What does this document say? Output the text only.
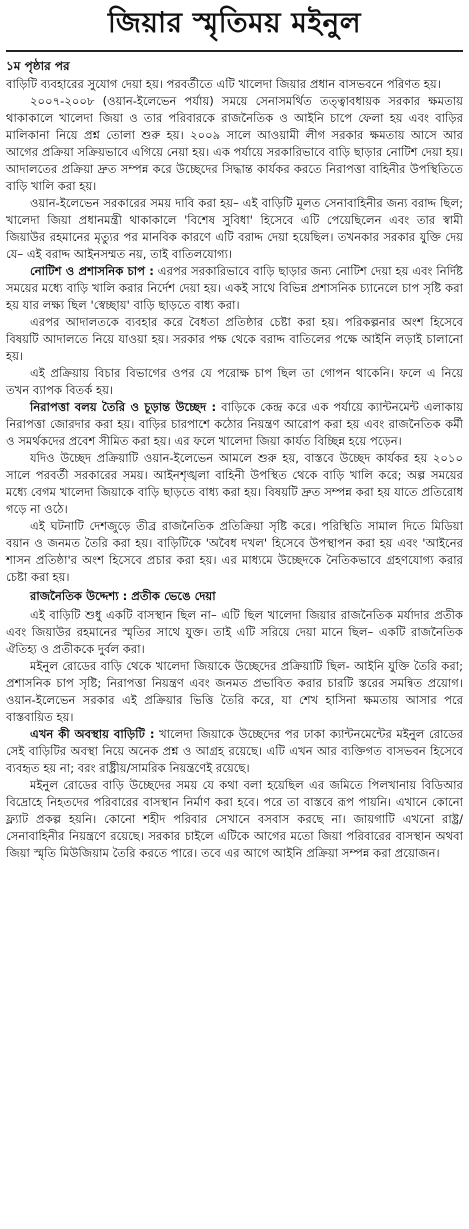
জিয়ার স্মৃতিময় মইনুল
১ম পৃষ্ঠার পর

বাড়িটি ব্যবহারের সুযোগ দেয়া হয়। পরবর্তীতে এটি খালেদা জিয়ার প্রধান বাসভবনে পরিণত হয়।

২০০৭-২০০৮ (ওয়ান-ইলেভেন পর্যায়) সময়ে সেনাসমর্থিত তত্ত্বাবধায়ক সরকার ক্ষমতায় থাকাকালে খালেদা জিয়া ও তার পরিবারকে রাজনৈতিক ও আইনি চাপে ফেলা হয় এবং বাড়ির মালিকানা নিয়ে প্রশ্ন তোলা শুরু হয়। ২০০৯ সালে আওয়ামী লীগ সরকার ক্ষমতায় আসে আর আগের প্রক্রিয়া সক্রিয়ভাবে এগিয়ে নেয়া হয়। এক পর্যায়ে সরকারিভাবে বাড়ি ছাড়ার নোটিশ দেয়া হয়। আদালতের প্রক্রিয়া দ্রুত সম্পন্ন করে উচ্ছেদের সিদ্ধান্ত কার্যকর করতে নিরাপত্তা বাহিনীর উপস্থিতিতে বাড়ি খালি করা হয়।

ওয়ান-ইলেভেন সরকারের সময় দাবি করা হয়– এই বাড়িটি মূলত সেনাবাহিনীর জন্য বরাদ্দ ছিল; খালেদা জিয়া প্রধানমন্ত্রী থাকাকালে 'বিশেষ সুবিধা' হিসেবে এটি পেয়েছিলেন এবং তার স্বামী জিয়াউর রহমানের মৃত্যুর পর মানবিক কারণে এটি বরাদ্দ দেয়া হয়েছিল। তখনকার সরকার যুক্তি দেয় যে– এই বরাদ্দ আইনসম্মত নয়, তাই বাতিলযোগ্য।

নোটিশ ও প্রশাসনিক চাপ : এরপর সরকারিভাবে বাড়ি ছাড়ার জন্য নোটিশ দেয়া হয় এবং নির্দিষ্ট সময়ের মধ্যে বাড়ি খালি করার নির্দেশ দেয়া হয়। একই সাথে বিভিন্ন প্রশাসনিক চ্যানেলে চাপ সৃষ্টি করা হয় যার লক্ষ্য ছিল 'স্বেচ্ছায়' বাড়ি ছাড়তে বাধ্য করা।

এরপর আদালতকে ব্যবহার করে বৈধতা প্রতিষ্ঠার চেষ্টা করা হয়। পরিকল্পনার অংশ হিসেবে বিষয়টি আদালতে নিয়ে যাওয়া হয়। সরকার পক্ষ থেকে বরাদ্দ বাতিলের পক্ষে আইনি লড়াই চালানো হয়।

এই প্রক্রিয়ায় বিচার বিভাগের ওপর যে পরোক্ষ চাপ ছিল তা গোপন থাকেনি। ফলে এ নিয়ে তখন ব্যাপক বিতর্ক হয়।

নিরাপত্তা বলয় তৈরি ও চূড়ান্ত উচ্ছেদ : বাড়িকে কেন্দ্র করে এক পর্যায়ে ক্যান্টনমেন্ট এলাকায় নিরাপত্তা জোরদার করা হয়। বাড়ির চারপাশে কঠোর নিয়ন্ত্রণ আরোপ করা হয় এবং রাজনৈতিক কর্মী ও সমর্থকদের প্রবেশ সীমিত করা হয়। এর ফলে খালেদা জিয়া কার্যত বিচ্ছিন্ন হয়ে পড়েন।

যদিও উচ্ছেদ প্রক্রিয়াটি ওয়ান-ইলেভেন আমলে শুরু হয়, বাস্তবে উচ্ছেদ কার্যকর হয় ২০১০ সালে পরবর্তী সরকারের সময়। আইনশৃঙ্খলা বাহিনী উপস্থিত থেকে বাড়ি খালি করে; অল্প সময়ের মধ্যে বেগম খালেদা জিয়াকে বাড়ি ছাড়তে বাধ্য করা হয়। বিষয়টি দ্রুত সম্পন্ন করা হয় যাতে প্রতিরোধ গড়ে না ওঠে।

এই ঘটনাটি দেশজুড়ে তীব্র রাজনৈতিক প্রতিক্রিয়া সৃষ্টি করে। পরিস্থিতি সামাল দিতে মিডিয়া বয়ান ও জনমত তৈরি করা হয়। বাড়িটিকে 'অবৈধ দখল' হিসেবে উপস্থাপন করা হয় এবং 'আইনের শাসন প্রতিষ্ঠা'র অংশ হিসেবে প্রচার করা হয়। এর মাধ্যমে উচ্ছেদকে নৈতিকভাবে গ্রহণযোগ্য করার চেষ্টা করা হয়।

রাজনৈতিক উদ্দেশ্য : প্রতীক ভেঙে দেয়া

এই বাড়িটি শুধু একটি বাসস্থান ছিল না– এটি ছিল খালেদা জিয়ার রাজনৈতিক মর্যাদার প্রতীক এবং জিয়াউর রহমানের স্মৃতির সাথে যুক্ত। তাই এটি সরিয়ে দেয়া মানে ছিল– একটি রাজনৈতিক ঐতিহ্য ও প্রতীককে দুর্বল করা।

মইনুল রোডের বাড়ি থেকে খালেদা জিয়াকে উচ্ছেদের প্রক্রিয়াটি ছিল- আইনি যুক্তি তৈরি করা; প্রশাসনিক চাপ সৃষ্টি; নিরাপত্তা নিয়ন্ত্রণ এবং জনমত প্রভাবিত করার চারটি স্তরের সমন্বিত প্রয়োগ। ওয়ান-ইলেভেন সরকার এই প্রক্রিয়ার ভিত্তি তৈরি করে, যা শেখ হাসিনা ক্ষমতায় আসার পরে বাস্তবায়িত হয়।

এখন কী অবস্থায় বাড়িটি : খালেদা জিয়াকে উচ্ছেদের পর ঢাকা ক্যান্টনমেন্টের মইনুল রোডের সেই বাড়িটির অবস্থা নিয়ে অনেক প্রশ্ন ও আগ্রহ রয়েছে। এটি এখন আর ব্যক্তিগত বাসভবন হিসেবে ব্যবহৃত হয় না; বরং রাষ্ট্রীয়/সামরিক নিয়ন্ত্রণেই রয়েছে।

মইনুল রোডের বাড়ি উচ্ছেদের সময় যে কথা বলা হয়েছিল এর জমিতে পিলখানায় বিডিআর বিদ্রোহে নিহতদের পরিবারের বাসস্থান নির্মাণ করা হবে। পরে তা বাস্তবে রূপ পায়নি। এখানে কোনো ফ্ল্যাট প্রকল্প হয়নি। কোনো শহীদ পরিবার সেখানে বসবাস করছে না। জায়গাটি এখনো রাষ্ট্র/সেনাবাহিনীর নিয়ন্ত্রণে রয়েছে। সরকার চাইলে এটিকে আগের মতো জিয়া পরিবারের বাসস্থান অথবা জিয়া স্মৃতি মিউজিয়াম তৈরি করতে পারে। তবে এর আগে আইনি প্রক্রিয়া সম্পন্ন করা প্রয়োজন।
